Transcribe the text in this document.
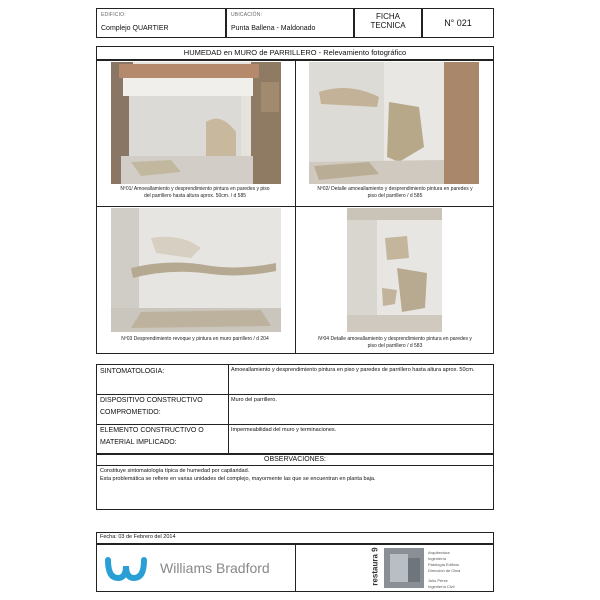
EDIFICIO:
Complejo QUARTIER
UBICACIÓN:
Punta Ballena - Maldonado
FICHA
TECNICA	N° 021
HUMEDAD en MURO de PARRILLERO - Relevamiento fotográfico
Nº01/ Amoeallamiento y desprendimiento pintura en paredes y piso
del parrillero hasta altura aprox. 50cm. / d 585
Nº02/ Detalle amoeallamiento y desprendimiento pintura en paredes y
piso del parrillero / d 585
Nº03 Desprendimiento revoque y pintura en muro parrillero / d 204	Nº04 Detalle amoeallamiento y desprendimiento pintura en paredes y
piso del parrillero / d 583
SINTOMATOLOGIA:	Amoeallamiento y desprendimiento pintura en piso y paredes de parrillero hasta altura aprox. 50cm.
DISPOSITIVO CONSTRUCTIVO
COMPROMETIDO:
Muro del parrillero.
ELEMENTO CONSTRUCTIVO O
MATERIAL IMPLICADO:
Impermeabilidad del muro y terminaciones.
OBSERVACIONES:
Constituye sintomatología típica de humedad por capilaridad.
Esta problemática se refiere en varias unidades del complejo, mayormente las que se encuentran en planta baja.
Fecha: 03 de Febrero del 2014
Williams Bradford	restaura 9	Arquitectura
Ingeniería
Patología Edilicia
Dirección de Obra
Julio Pérez
Ingeniería Civil
